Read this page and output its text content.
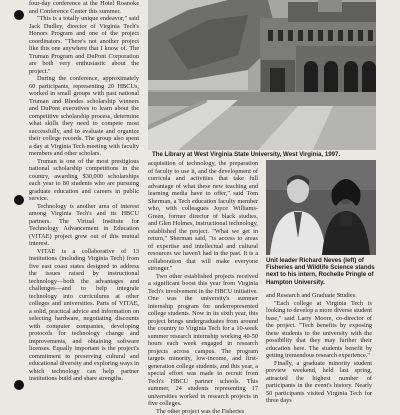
four-day conference at the Hotel Roanoke and Conference Center this summer.

"This is a totally unique endeavor," said Jack Dudley, director of Virginia Tech's Honors Program and one of the project coordinators. "There's not another project like this one anywhere that I know of. The Truman Program and DuPont Corporation are both very enthusiastic about the project."

During the conference, approximately 60 participants, representing 20 HBCUs, worked in small groups with past national Truman and Rhodes scholarship winners and DuPont executives to learn about the competitive scholarship process, determine what skills they need to compete most successfully, and to evaluate and organize their college records. The group also spent a day at Virginia Tech meeting with faculty members and other scholars.

Truman is one of the most prestigious national scholarship competitions in the country, awarding $30,000 scholarships each year to 80 students who are pursuing graduate education and careers in public service.

Technology is another area of interest among Virginia Tech's and its HBCU partners. The Virtual Institute for Technology Advancement in Education (VITAE) project grew out of this mutual interest.

VITAE is a collaborative of 13 institutions (including Virginia Tech) from five east coast states designed to address the issues raised by instructional technology—both the advantages and challenges—and to help integrate technology into curriculums at other colleges and universities. Parts of VITAE, a solid, practical advice and information on selecting hardware, negotiating discounts with computer companies, developing protocols for technology change and improvements, and obtaining software licenses. Equally important is the project's commitment to preserving cultural and educational diversity and exploring ways in which technology can help partner institutions build and share strengths.

The Library at West Virginia State University, West Virginia, 1997.

acquisition of technology, the preparation of faculty to use it, and the development of curricula and activities that take full advantage of what these new teaching and learning media have to offer," said Tom Sherman, a Tech education faculty member who, with colleagues Joyce Williams-Green, former director of black studies, and Glen Holmes, instructional technology, established the project. "What we get in return," Sherman said, "is access to areas of expertise and intellectual and cultural resources we haven't had in the past. It is a collaboration that will make everyone stronger."

Two other established projects received a significant boost this year from Virginia Tech's involvement in the HBCU initiative. One was the university's summer internship program for underrepresented college students. Now in its sixth year, this project brings undergraduates from around the country to Virginia Tech for a 10-week summer research internship working 40-50 hours each week engaged in research projects across campus. The program targets minority, low-income, and first-generation college students, and this year, a special effort was made to recruit from Tech's HBCU partner schools. This summer, 24 students representing 17 universities worked in research projects in five colleges.

The other project was the Fisheries

Unit leader Richard Neves (left) of Fisheries and Wildlife Science stands next to his intern, Rochelle Pringle of Hampton University.

and Research and Graduate Studies.

"Each college at Virginia Tech is looking to develop a more diverse student base," said Larry Moore, co-director of the project. "Tech benefits by exposing these students to the university with the possibility that they may further their education here. The students benefit by getting tremendous research experience."

Finally, a graduate minority student preview weekend, held last spring, attracted the highest number of participants in the event's history. Nearly 50 participants visited Virginia Tech for three days
